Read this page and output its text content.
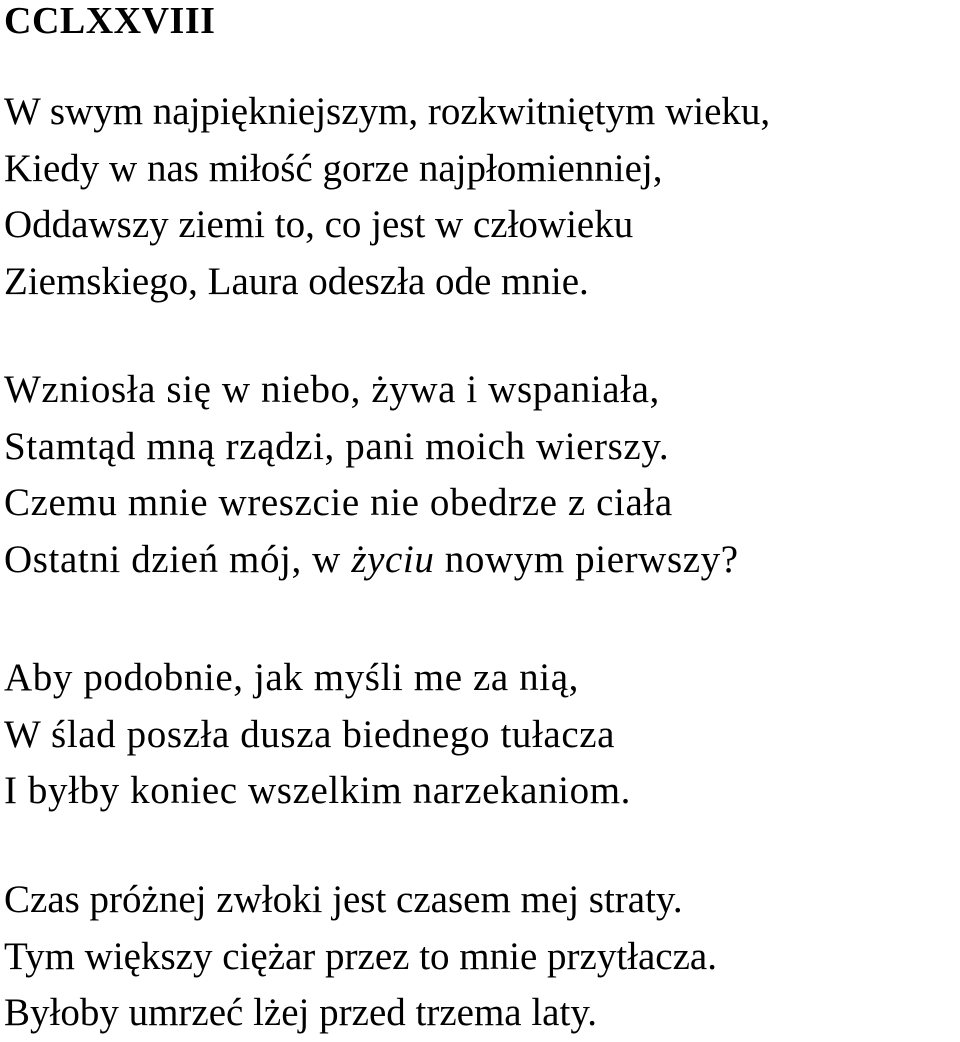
CCLXXVIII
W swym najpiękniejszym, rozkwitniętym wieku,
Kiedy w nas miłość gorze najpłomienniej,
Oddawszy ziemi to, co jest w człowieku
Ziemskiego, Laura odeszła ode mnie.
Wzniosła się w niebo, żywa i wspaniała,
Stamtąd mną rządzi, pani moich wierszy.
Czemu mnie wreszcie nie obedrze z ciała
Ostatni dzień mój, w życiu nowym pierwszy?
Aby podobnie, jak myśli me za nią,
W ślad poszła dusza biednego tułacza
I byłby koniec wszelkim narzekaniom.
Czas próżnej zwłoki jest czasem mej straty.
Tym większy ciężar przez to mnie przytłacza.
Byłoby umrzeć lżej przed trzema laty.
